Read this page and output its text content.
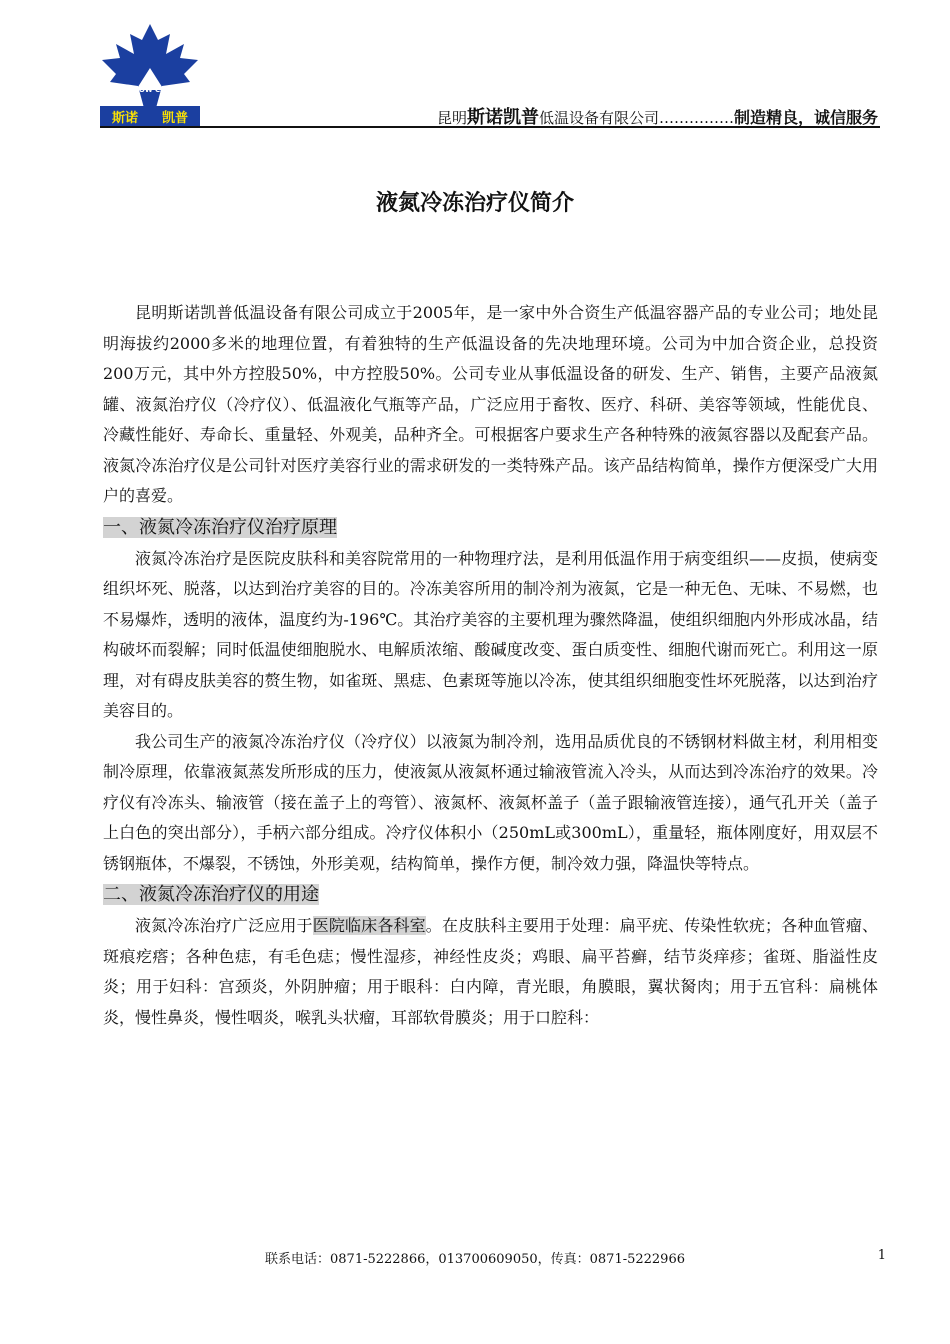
SNOW CAP
斯诺 凯普	昆明斯诺凯普低温设备有限公司……………制造精良，诚信服务
液氮冷冻治疗仪简介

昆明斯诺凯普低温设备有限公司成立于2005年，是一家中外合资生产低温容器产品的专业公司；地处昆明海拔约2000多米的地理位置，有着独特的生产低温设备的先决地理环境。公司为中加合资企业，总投资200万元，其中外方控股50%，中方控股50%。公司专业从事低温设备的研发、生产、销售，主要产品液氮罐、液氮治疗仪（冷疗仪）、低温液化气瓶等产品，广泛应用于畜牧、医疗、科研、美容等领域，性能优良、冷藏性能好、寿命长、重量轻、外观美，品种齐全。可根据客户要求生产各种特殊的液氮容器以及配套产品。液氮冷冻治疗仪是公司针对医疗美容行业的需求研发的一类特殊产品。该产品结构简单，操作方便深受广大用户的喜爱。

一、液氮冷冻治疗仪治疗原理

液氮冷冻治疗是医院皮肤科和美容院常用的一种物理疗法，是利用低温作用于病变组织——皮损，使病变组织坏死、脱落，以达到治疗美容的目的。冷冻美容所用的制冷剂为液氮，它是一种无色、无味、不易燃，也不易爆炸，透明的液体，温度约为-196℃。其治疗美容的主要机理为骤然降温，使组织细胞内外形成冰晶，结构破坏而裂解；同时低温使细胞脱水、电解质浓缩、酸碱度改变、蛋白质变性、细胞代谢而死亡。利用这一原理，对有碍皮肤美容的赘生物，如雀斑、黑痣、色素斑等施以冷冻，使其组织细胞变性坏死脱落，以达到治疗美容目的。

我公司生产的液氮冷冻治疗仪（冷疗仪）以液氮为制冷剂，选用品质优良的不锈钢材料做主材，利用相变制冷原理，依靠液氮蒸发所形成的压力，使液氮从液氮杯通过输液管流入冷头，从而达到冷冻治疗的效果。冷疗仪有冷冻头、输液管（接在盖子上的弯管）、液氮杯、液氮杯盖子（盖子跟输液管连接），通气孔开关（盖子上白色的突出部分），手柄六部分组成。冷疗仪体积小（250mL或300mL），重量轻，瓶体刚度好，用双层不锈钢瓶体，不爆裂，不锈蚀，外形美观，结构简单，操作方便，制冷效力强，降温快等特点。

二、液氮冷冻治疗仪的用途

液氮冷冻治疗广泛应用于医院临床各科室。在皮肤科主要用于处理：扁平疣、传染性软疣；各种血管瘤、斑痕疙瘩；各种色痣，有毛色痣；慢性湿疹，神经性皮炎；鸡眼、扁平苔癣，结节炎痒疹；雀斑、脂溢性皮炎；用于妇科：宫颈炎，外阴肿瘤；用于眼科：白内障，青光眼，角膜眼，翼状胬肉；用于五官科：扁桃体炎，慢性鼻炎，慢性咽炎，喉乳头状瘤，耳部软骨膜炎；用于口腔科：

联系电话：0871-5222866，013700609050，传真：0871-5222966	1
